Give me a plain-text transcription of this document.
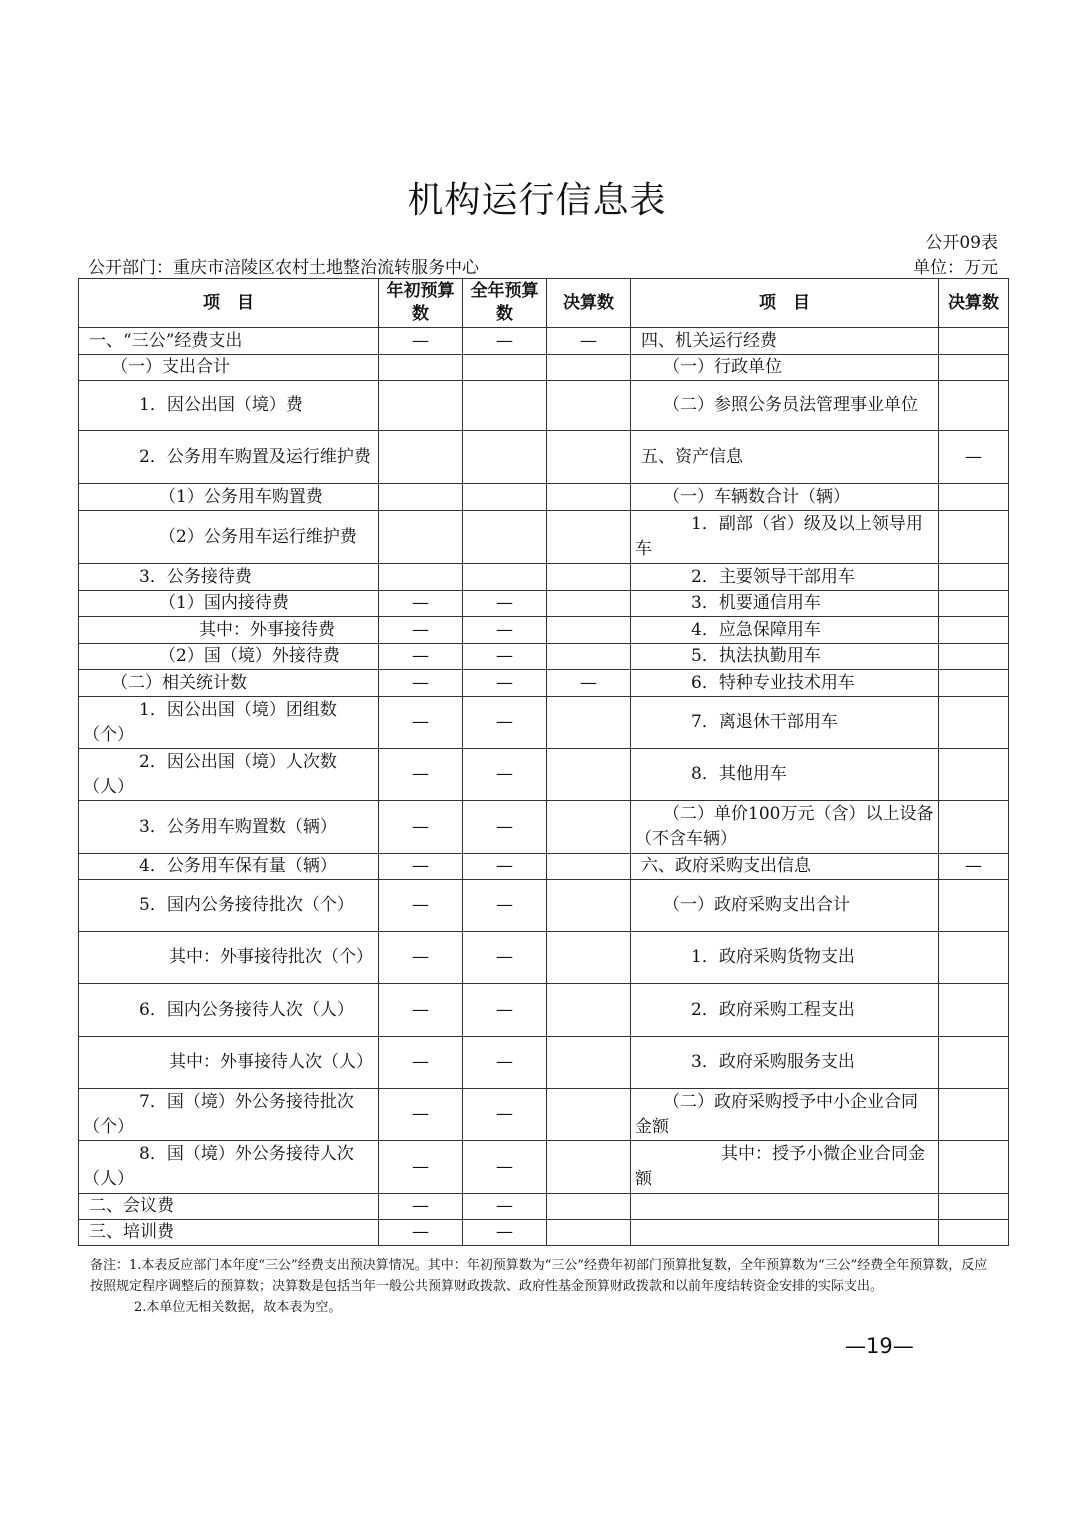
机构运行信息表
公开09表
公开部门：重庆市涪陵区农村土地整治流转服务中心	单位：万元
项　目	年初预算数	全年预算数	决算数	项　目	决算数
一、“三公”经费支出	—	—	—	四、机关运行经费	
（一）支出合计				（一）行政单位	
1．因公出国（境）费				（二）参照公务员法管理事业单位	
2．公务用车购置及运行维护费				五、资产信息	—
（1）公务用车购置费				（一）车辆数合计（辆）	
（2）公务用车运行维护费				1．副部（省）级及以上领导用车	
3．公务接待费				2．主要领导干部用车	
（1）国内接待费	—	—		3．机要通信用车	
其中：外事接待费	—	—		4．应急保障用车	
（2）国（境）外接待费	—	—		5．执法执勤用车	
（二）相关统计数	—	—	—	6．特种专业技术用车	
1．因公出国（境）团组数（个）	—	—		7．离退休干部用车	
2．因公出国（境）人次数（人）	—	—		8．其他用车	
3．公务用车购置数（辆）	—	—		（二）单价100万元（含）以上设备（不含车辆）	
4．公务用车保有量（辆）	—	—		六、政府采购支出信息	—
5．国内公务接待批次（个）	—	—		（一）政府采购支出合计	
其中：外事接待批次（个）	—	—		1．政府采购货物支出	
6．国内公务接待人次（人）	—	—		2．政府采购工程支出	
其中：外事接待人次（人）	—	—		3．政府采购服务支出	
7．国（境）外公务接待批次（个）	—	—		（二）政府采购授予中小企业合同金额	
8．国（境）外公务接待人次（人）	—	—		其中：授予小微企业合同金额	
二、会议费	—	—			
三、培训费	—	—			
备注：1.本表反应部门本年度“三公”经费支出预决算情况。其中：年初预算数为“三公”经费年初部门预算批复数，全年预算数为“三公”经费全年预算数，反应按照规定程序调整后的预算数；决算数是包括当年一般公共预算财政拨款、政府性基金预算财政拨款和以前年度结转资金安排的实际支出。
2.本单位无相关数据，故本表为空。
—19—
